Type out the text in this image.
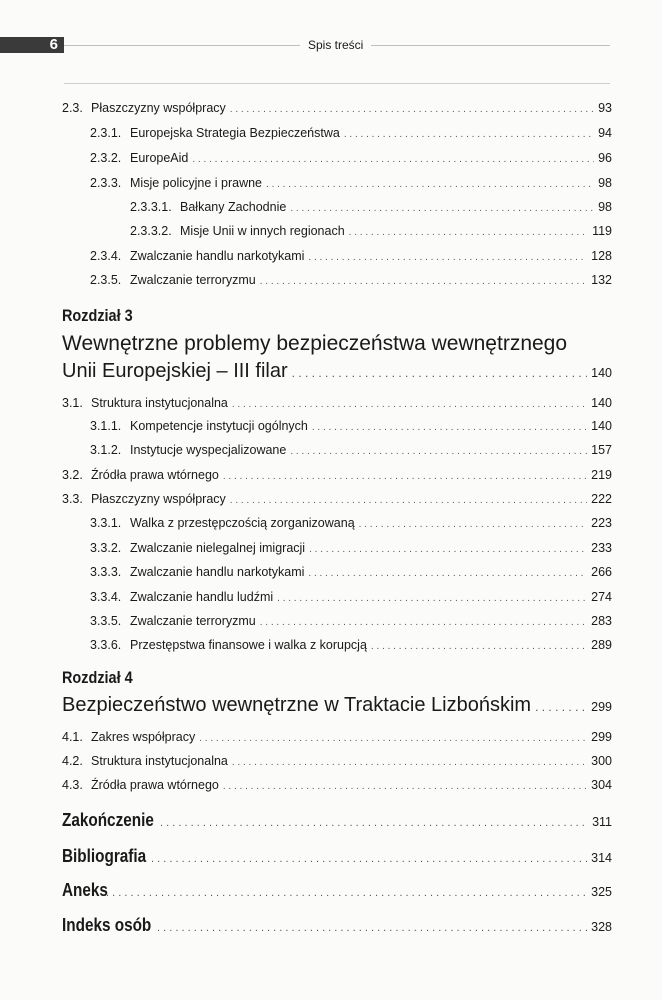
6	Spis treści
2.3. Płaszczyzny współpracy . . .	93
2.3.1. Europejska Strategia Bezpieczeństwa . . .	94
2.3.2. EuropeAid . . .	96
2.3.3. Misje policyjne i prawne . . .	98
2.3.3.1. Bałkany Zachodnie . . .	98
2.3.3.2. Misje Unii w innych regionach . . .	119
2.3.4. Zwalczanie handlu narkotykami . . .	128
2.3.5. Zwalczanie terroryzmu . . .	132
Rozdział 3
Wewnętrzne problemy bezpieczeństwa wewnętrznego
Unii Europejskiej – III filar . . .	140
3.1. Struktura instytucjonalna . . .	140
3.1.1. Kompetencje instytucji ogólnych . . .	140
3.1.2. Instytucje wyspecjalizowane . . .	157
3.2. Źródła prawa wtórnego . . .	219
3.3. Płaszczyzny współpracy . . .	222
3.3.1. Walka z przestępczością zorganizowaną . . .	223
3.3.2. Zwalczanie nielegalnej imigracji . . .	233
3.3.3. Zwalczanie handlu narkotykami . . .	266
3.3.4. Zwalczanie handlu ludźmi . . .	274
3.3.5. Zwalczanie terroryzmu . . .	283
3.3.6. Przestępstwa finansowe i walka z korupcją . . .	289
Rozdział 4
Bezpieczeństwo wewnętrzne w Traktacie Lizbońskim . . .	299
4.1. Zakres współpracy . . .	299
4.2. Struktura instytucjonalna . . .	300
4.3. Źródła prawa wtórnego . . .	304
Zakończenie . . .	311
Bibliografia . . .	314
Aneks . . .	325
Indeks osób . . .	328
